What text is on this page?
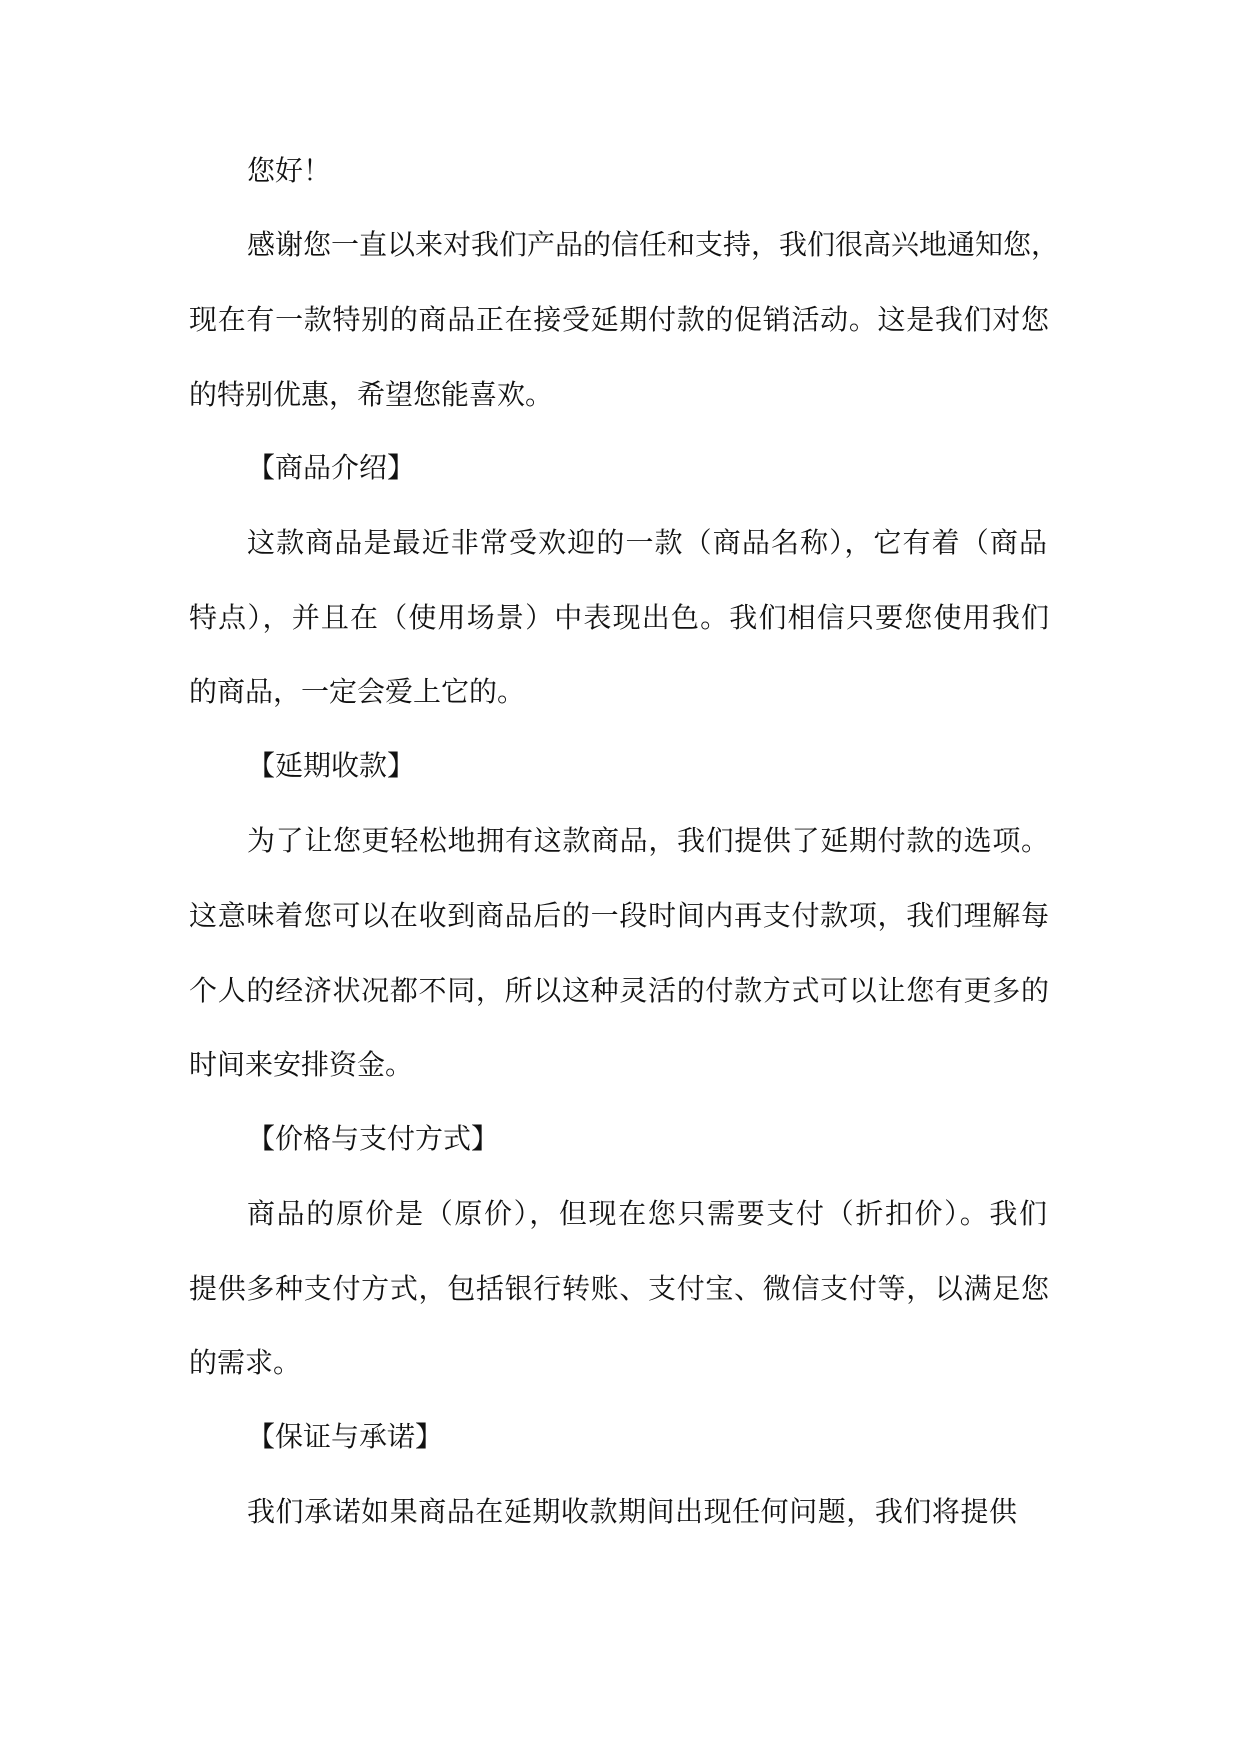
您好！
感谢您一直以来对我们产品的信任和支持，我们很高兴地通知您，
现在有一款特别的商品正在接受延期付款的促销活动。这是我们对您
的特别优惠，希望您能喜欢。
【商品介绍】
这款商品是最近非常受欢迎的一款（商品名称），它有着（商品
特点），并且在（使用场景）中表现出色。我们相信只要您使用我们
的商品，一定会爱上它的。
【延期收款】
为了让您更轻松地拥有这款商品，我们提供了延期付款的选项。
这意味着您可以在收到商品后的一段时间内再支付款项，我们理解每
个人的经济状况都不同，所以这种灵活的付款方式可以让您有更多的
时间来安排资金。
【价格与支付方式】
商品的原价是（原价），但现在您只需要支付（折扣价）。我们
提供多种支付方式，包括银行转账、支付宝、微信支付等，以满足您
的需求。
【保证与承诺】
我们承诺如果商品在延期收款期间出现任何问题，我们将提供
